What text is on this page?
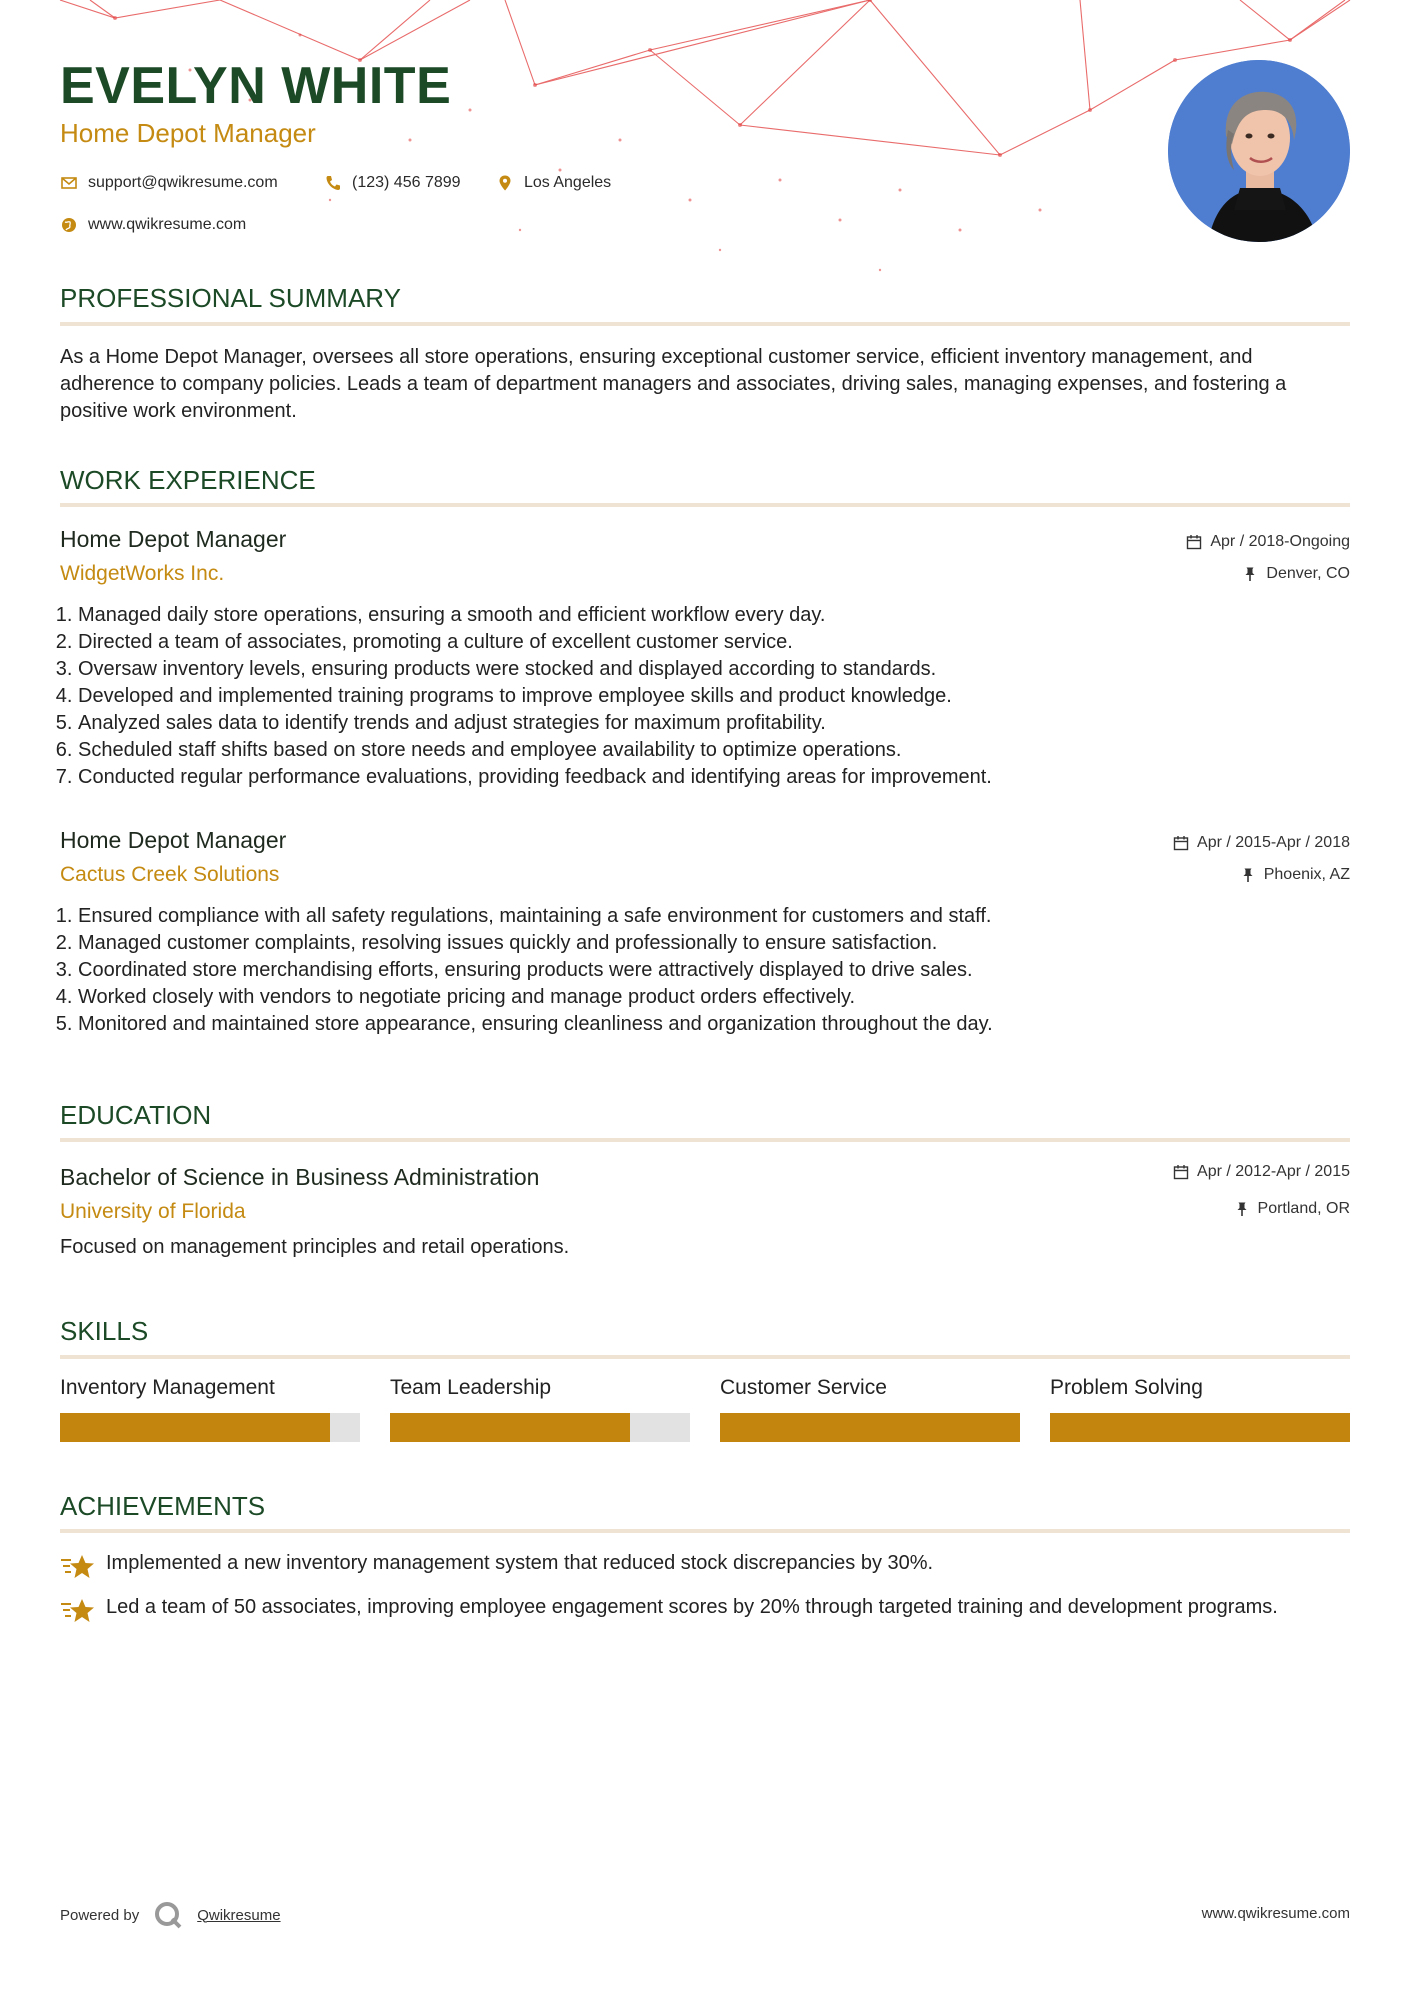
EVELYN WHITE
Home Depot Manager
support@qwikresume.com	(123) 456 7899	Los Angeles
www.qwikresume.com
PROFESSIONAL SUMMARY
As a Home Depot Manager, oversees all store operations, ensuring exceptional customer service, efficient inventory management, and adherence to company policies. Leads a team of department managers and associates, driving sales, managing expenses, and fostering a positive work environment.
WORK EXPERIENCE
Home Depot Manager
WidgetWorks Inc.
Apr / 2018-Ongoing
Denver, CO
1. Managed daily store operations, ensuring a smooth and efficient workflow every day.
2. Directed a team of associates, promoting a culture of excellent customer service.
3. Oversaw inventory levels, ensuring products were stocked and displayed according to standards.
4. Developed and implemented training programs to improve employee skills and product knowledge.
5. Analyzed sales data to identify trends and adjust strategies for maximum profitability.
6. Scheduled staff shifts based on store needs and employee availability to optimize operations.
7. Conducted regular performance evaluations, providing feedback and identifying areas for improvement.
Home Depot Manager
Cactus Creek Solutions
Apr / 2015-Apr / 2018
Phoenix, AZ
1. Ensured compliance with all safety regulations, maintaining a safe environment for customers and staff.
2. Managed customer complaints, resolving issues quickly and professionally to ensure satisfaction.
3. Coordinated store merchandising efforts, ensuring products were attractively displayed to drive sales.
4. Worked closely with vendors to negotiate pricing and manage product orders effectively.
5. Monitored and maintained store appearance, ensuring cleanliness and organization throughout the day.
EDUCATION
Bachelor of Science in Business Administration
University of Florida
Apr / 2012-Apr / 2015
Portland, OR
Focused on management principles and retail operations.
SKILLS
Inventory Management	Team Leadership	Customer Service	Problem Solving
ACHIEVEMENTS
Implemented a new inventory management system that reduced stock discrepancies by 30%.
Led a team of 50 associates, improving employee engagement scores by 20% through targeted training and development programs.
Powered by	Qwikresume	www.qwikresume.com
